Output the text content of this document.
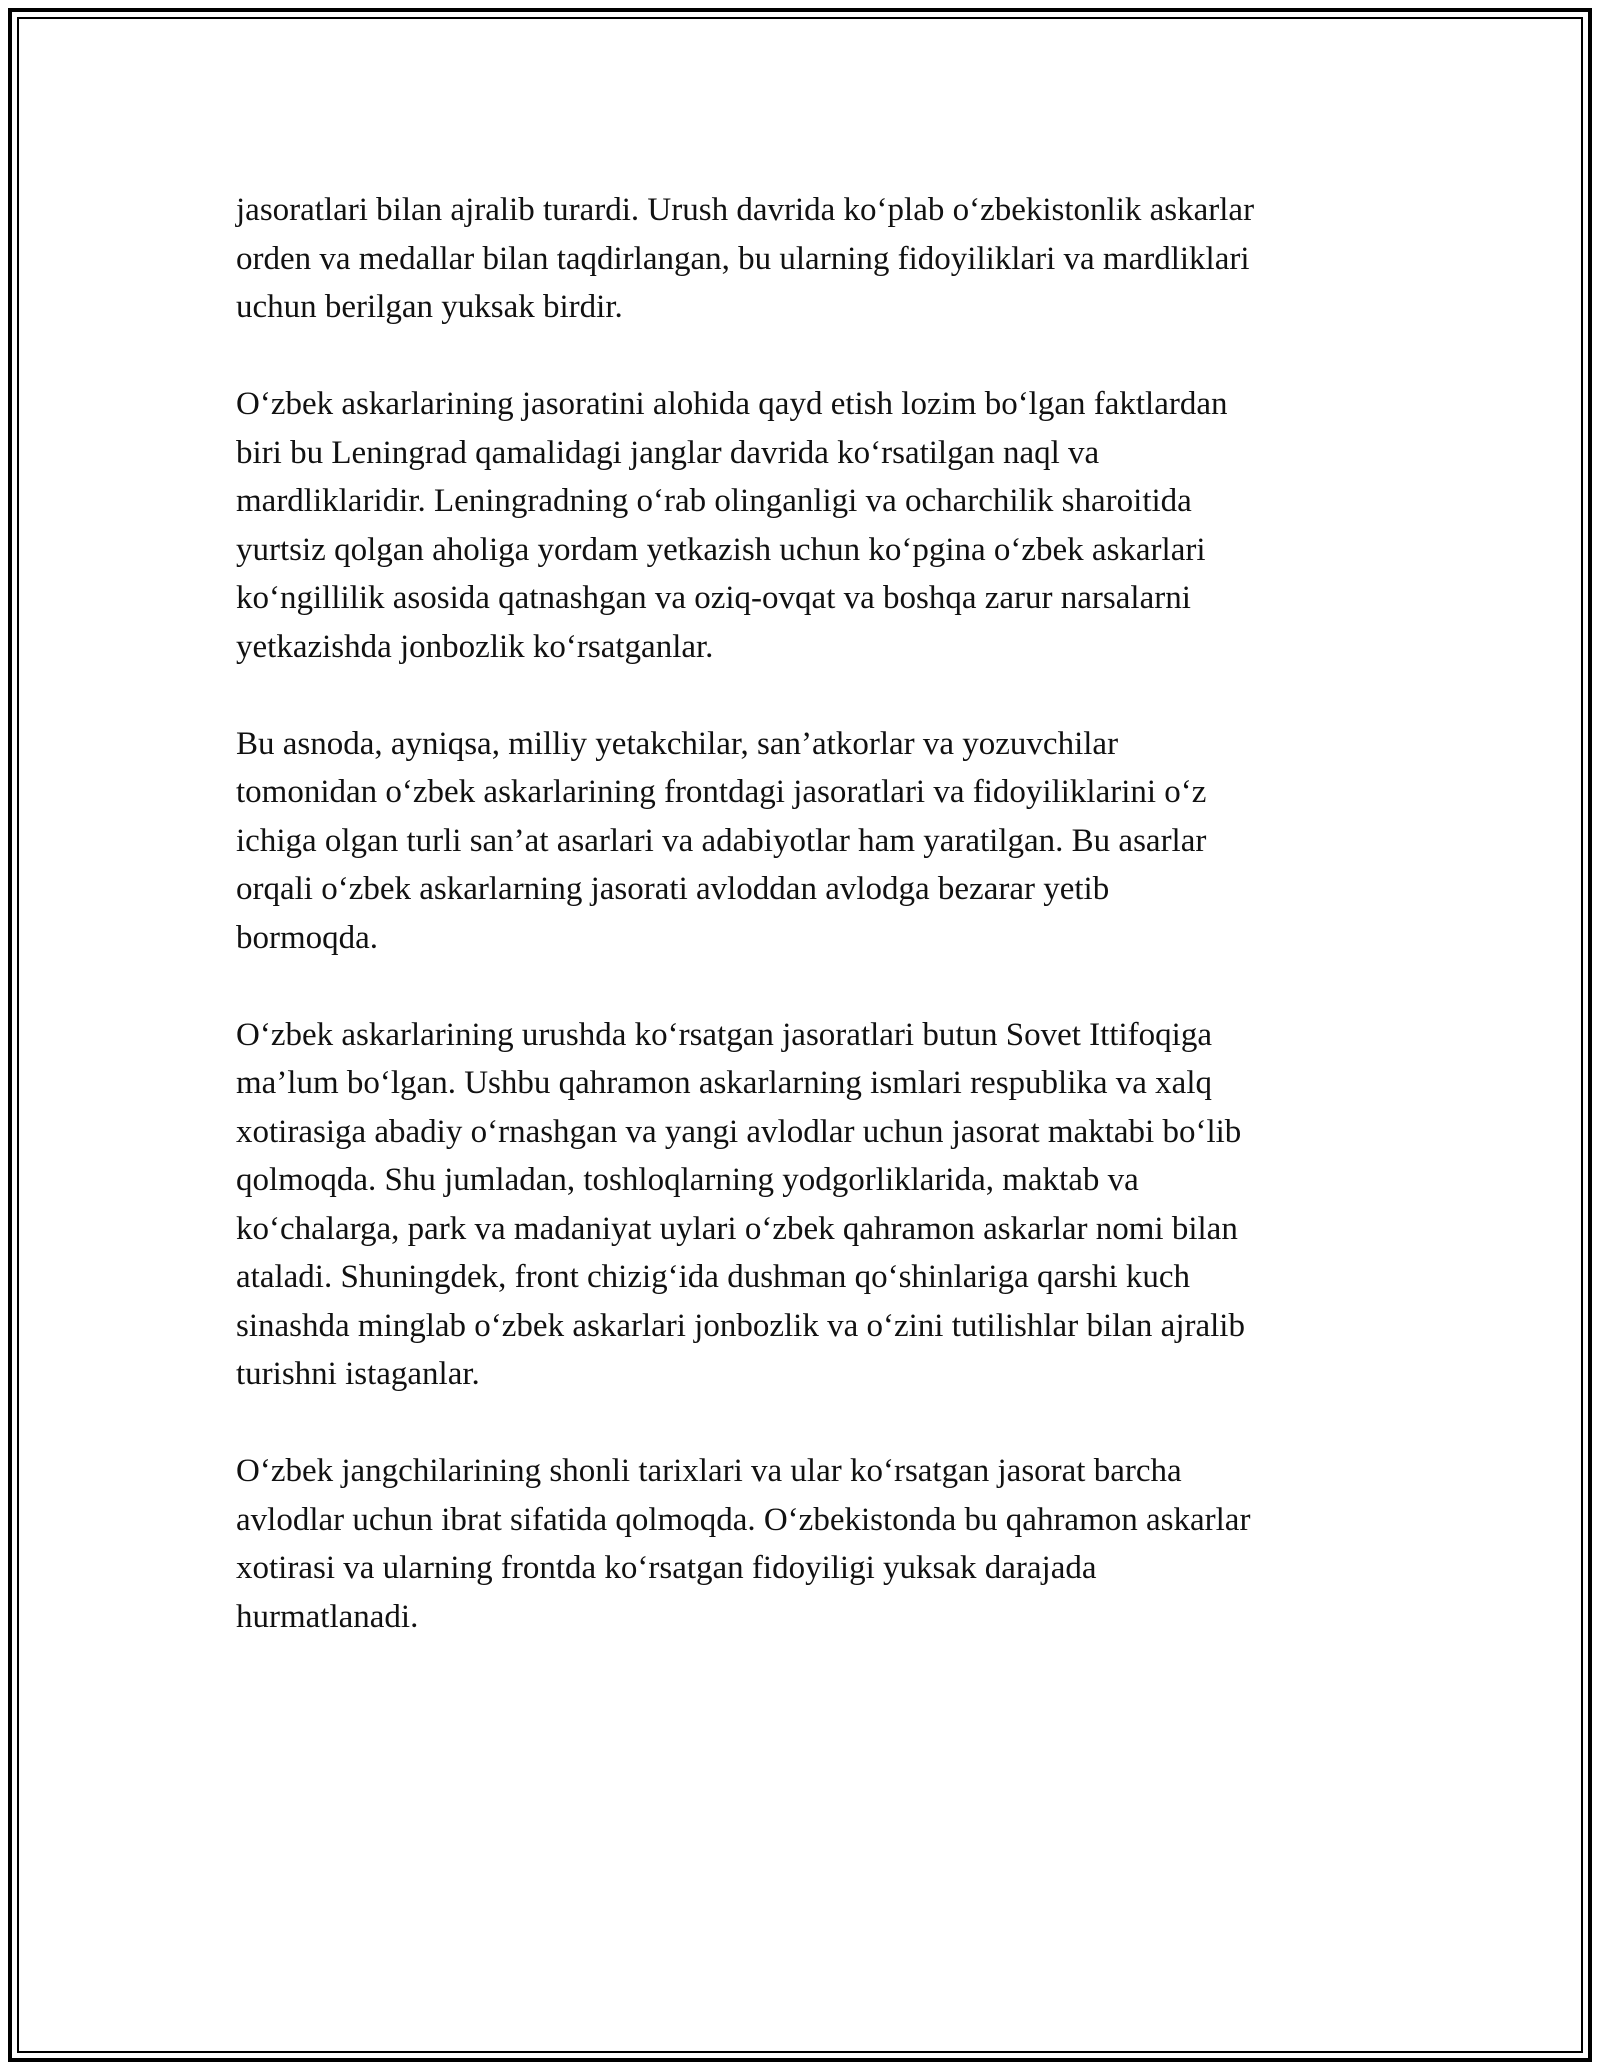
jasoratlari bilan ajralib turardi. Urush davrida ko‘plab o‘zbekistonlik askarlar
orden va medallar bilan taqdirlangan, bu ularning fidoyiliklari va mardliklari
uchun berilgan yuksak birdir.

O‘zbek askarlarining jasoratini alohida qayd etish lozim bo‘lgan faktlardan
biri bu Leningrad qamalidagi janglar davrida ko‘rsatilgan naql va
mardliklaridir. Leningradning o‘rab olinganligi va ocharchilik sharoitida
yurtsiz qolgan aholiga yordam yetkazish uchun ko‘pgina o‘zbek askarlari
ko‘ngillilik asosida qatnashgan va oziq-ovqat va boshqa zarur narsalarni
yetkazishda jonbozlik ko‘rsatganlar.

Bu asnoda, ayniqsa, milliy yetakchilar, san’atkorlar va yozuvchilar
tomonidan o‘zbek askarlarining frontdagi jasoratlari va fidoyiliklarini o‘z
ichiga olgan turli san’at asarlari va adabiyotlar ham yaratilgan. Bu asarlar
orqali o‘zbek askarlarning jasorati avloddan avlodga bezarar yetib
bormoqda.

O‘zbek askarlarining urushda ko‘rsatgan jasoratlari butun Sovet Ittifoqiga
ma’lum bo‘lgan. Ushbu qahramon askarlarning ismlari respublika va xalq
xotirasiga abadiy o‘rnashgan va yangi avlodlar uchun jasorat maktabi bo‘lib
qolmoqda. Shu jumladan, toshloqlarning yodgorliklarida, maktab va
ko‘chalarga, park va madaniyat uylari o‘zbek qahramon askarlar nomi bilan
ataladi. Shuningdek, front chizig‘ida dushman qo‘shinlariga qarshi kuch
sinashda minglab o‘zbek askarlari jonbozlik va o‘zini tutilishlar bilan ajralib
turishni istaganlar.

O‘zbek jangchilarining shonli tarixlari va ular ko‘rsatgan jasorat barcha
avlodlar uchun ibrat sifatida qolmoqda. O‘zbekistonda bu qahramon askarlar
xotirasi va ularning frontda ko‘rsatgan fidoyiligi yuksak darajada
hurmatlanadi.
